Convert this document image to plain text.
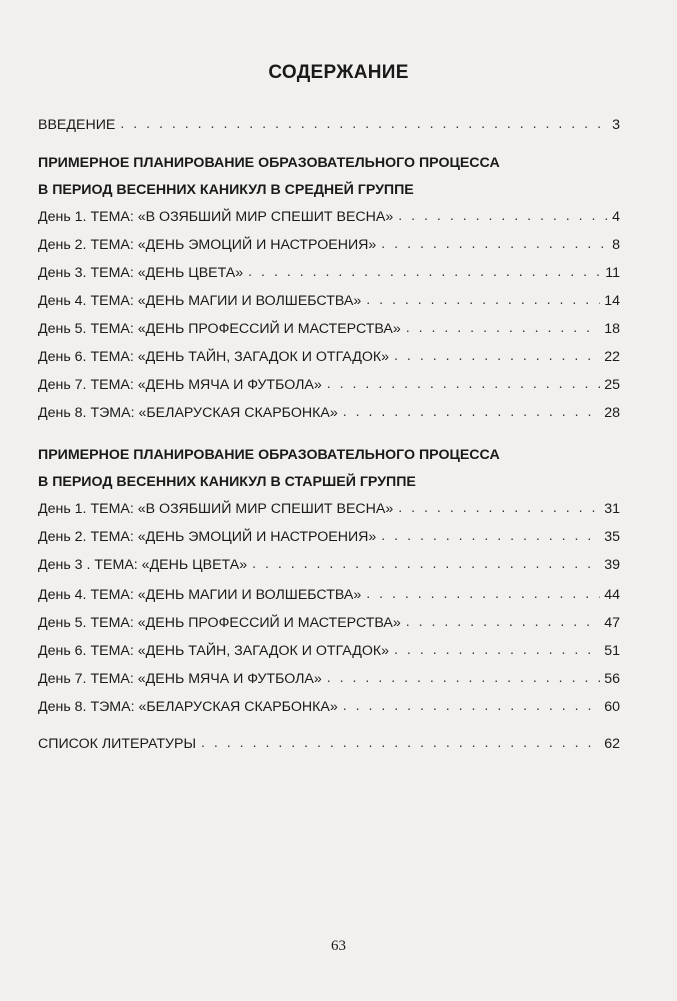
СОДЕРЖАНИЕ
ВВЕДЕНИЕ . . .	3
ПРИМЕРНОЕ ПЛАНИРОВАНИЕ ОБРАЗОВАТЕЛЬНОГО ПРОЦЕССА
В ПЕРИОД ВЕСЕННИХ КАНИКУЛ В СРЕДНЕЙ ГРУППЕ
День 1. ТЕМА: «В ОЗЯБШИЙ МИР СПЕШИТ ВЕСНА» . . .	4
День 2. ТЕМА: «ДЕНЬ ЭМОЦИЙ И НАСТРОЕНИЯ» . . .	8
День 3. ТЕМА: «ДЕНЬ ЦВЕТА» . . .	11
День 4. ТЕМА: «ДЕНЬ МАГИИ И ВОЛШЕБСТВА» . . .	14
День 5. ТЕМА: «ДЕНЬ ПРОФЕССИЙ И МАСТЕРСТВА» . . .	18
День 6. ТЕМА: «ДЕНЬ ТАЙН, ЗАГАДОК И ОТГАДОК» . . .	22
День 7. ТЕМА: «ДЕНЬ МЯЧА И ФУТБОЛА» . . .	25
День 8. ТЭМА: «БЕЛАРУСКАЯ СКАРБОНКА» . . .	28
ПРИМЕРНОЕ ПЛАНИРОВАНИЕ ОБРАЗОВАТЕЛЬНОГО ПРОЦЕССА
В ПЕРИОД ВЕСЕННИХ КАНИКУЛ В СТАРШЕЙ ГРУППЕ
День 1. ТЕМА: «В ОЗЯБШИЙ МИР СПЕШИТ ВЕСНА» . . .	31
День 2. ТЕМА: «ДЕНЬ ЭМОЦИЙ И НАСТРОЕНИЯ» . . .	35
День 3 . ТЕМА: «ДЕНЬ ЦВЕТА» . . .	39
День 4. ТЕМА: «ДЕНЬ МАГИИ И ВОЛШЕБСТВА» . . .	44
День 5. ТЕМА: «ДЕНЬ ПРОФЕССИЙ И МАСТЕРСТВА» . . .	47
День 6. ТЕМА: «ДЕНЬ ТАЙН, ЗАГАДОК И ОТГАДОК» . . .	51
День 7. ТЕМА: «ДЕНЬ МЯЧА И ФУТБОЛА» . . .	56
День 8. ТЭМА: «БЕЛАРУСКАЯ СКАРБОНКА» . . .	60
СПИСОК ЛИТЕРАТУРЫ . . .	62
63
